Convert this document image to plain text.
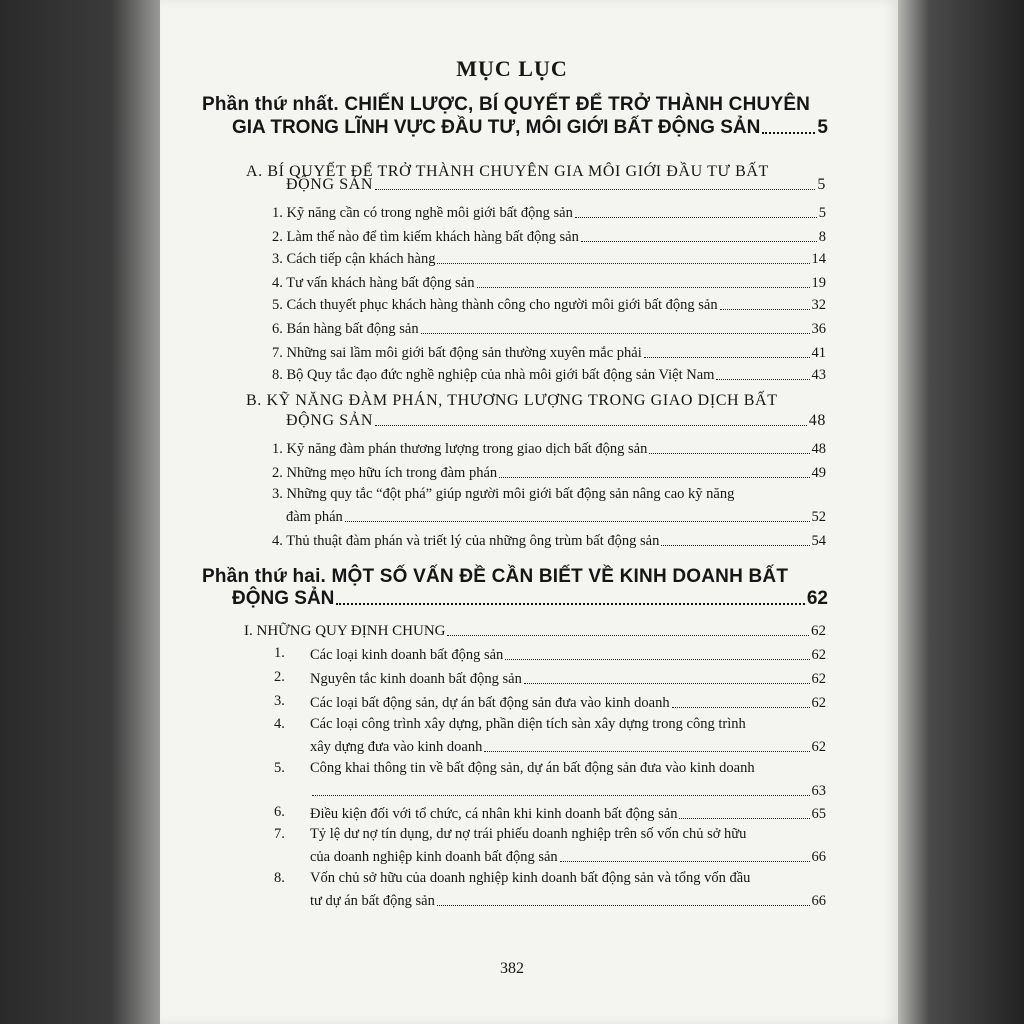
MỤC LỤC
Phần thứ nhất. CHIẾN LƯỢC, BÍ QUYẾT ĐỂ TRỞ THÀNH CHUYÊN
GIA TRONG LĨNH VỰC ĐẦU TƯ, MÔI GIỚI BẤT ĐỘNG SẢN	5
A. BÍ QUYẾT ĐỂ TRỞ THÀNH CHUYÊN GIA MÔI GIỚI ĐẦU TƯ BẤT
ĐỘNG SẢN	5
1. Kỹ năng cần có trong nghề môi giới bất động sản	5
2. Làm thế nào để tìm kiếm khách hàng bất động sản	8
3. Cách tiếp cận khách hàng	14
4. Tư vấn khách hàng bất động sản	19
5. Cách thuyết phục khách hàng thành công cho người môi giới bất động sản	32
6. Bán hàng bất động sản	36
7. Những sai lầm môi giới bất động sản thường xuyên mắc phải	41
8. Bộ Quy tắc đạo đức nghề nghiệp của nhà môi giới bất động sản Việt Nam	43
B. KỸ NĂNG ĐÀM PHÁN, THƯƠNG LƯỢNG TRONG GIAO DỊCH BẤT
ĐỘNG SẢN	48
1. Kỹ năng đàm phán thương lượng trong giao dịch bất động sản	48
2. Những mẹo hữu ích trong đàm phán	49
3. Những quy tắc “đột phá” giúp người môi giới bất động sản nâng cao kỹ năng
đàm phán	52
4. Thủ thuật đàm phán và triết lý của những ông trùm bất động sản	54
Phần thứ hai. MỘT SỐ VẤN ĐỀ CẦN BIẾT VỀ KINH DOANH BẤT
ĐỘNG SẢN	62
I. NHỮNG QUY ĐỊNH CHUNG	62
1. Các loại kinh doanh bất động sản	62
2. Nguyên tắc kinh doanh bất động sản	62
3. Các loại bất động sản, dự án bất động sản đưa vào kinh doanh	62
4. Các loại công trình xây dựng, phần diện tích sàn xây dựng trong công trình
xây dựng đưa vào kinh doanh	62
5. Công khai thông tin về bất động sản, dự án bất động sản đưa vào kinh doanh
63
6. Điều kiện đối với tổ chức, cá nhân khi kinh doanh bất động sản	65
7. Tỷ lệ dư nợ tín dụng, dư nợ trái phiếu doanh nghiệp trên số vốn chủ sở hữu
của doanh nghiệp kinh doanh bất động sản	66
8. Vốn chủ sở hữu của doanh nghiệp kinh doanh bất động sản và tổng vốn đầu
tư dự án bất động sản	66
382
